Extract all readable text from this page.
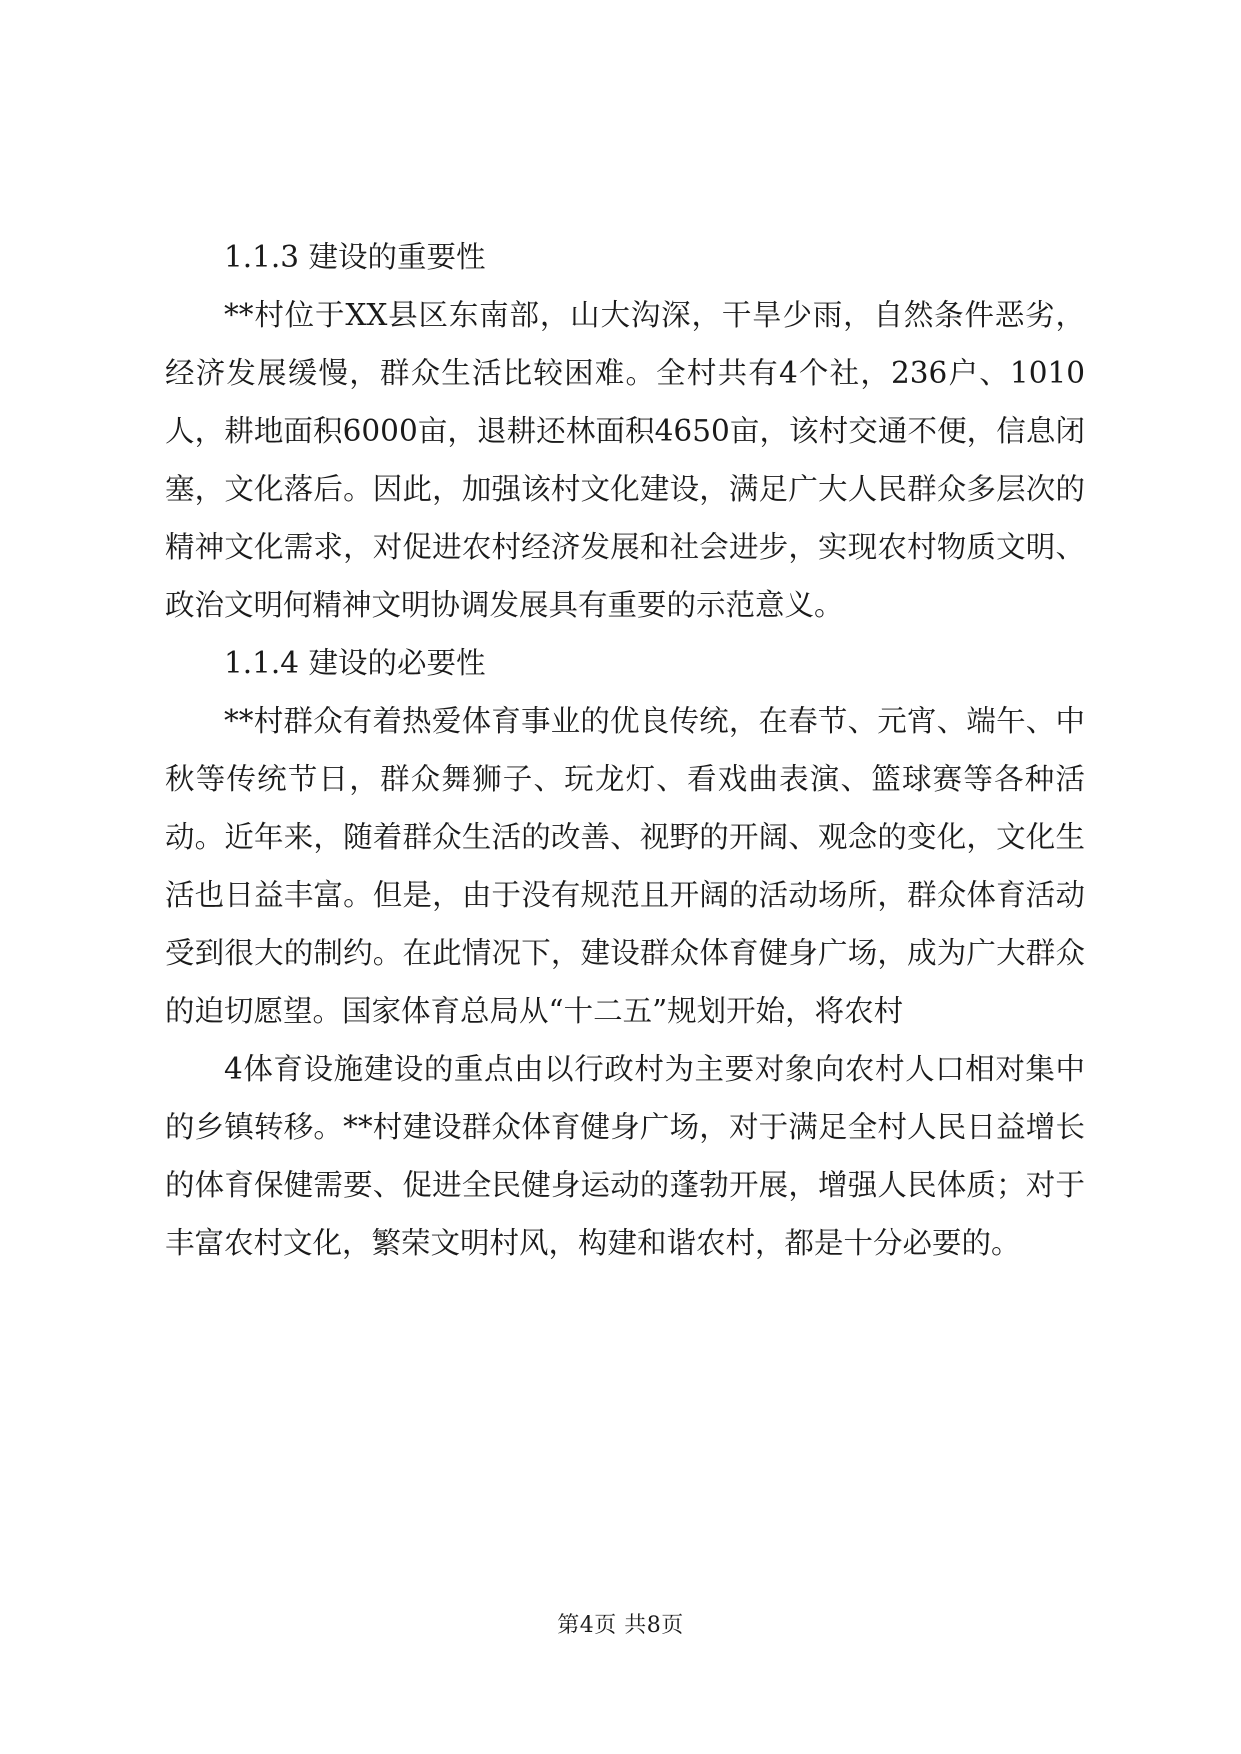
1.1.3 建设的重要性

**村位于XX县区东南部，山大沟深，干旱少雨，自然条件恶劣，经济发展缓慢，群众生活比较困难。全村共有4个社，236户、1010人，耕地面积6000亩，退耕还林面积4650亩，该村交通不便，信息闭塞，文化落后。因此，加强该村文化建设，满足广大人民群众多层次的精神文化需求，对促进农村经济发展和社会进步，实现农村物质文明、政治文明何精神文明协调发展具有重要的示范意义。

1.1.4 建设的必要性

**村群众有着热爱体育事业的优良传统，在春节、元宵、端午、中秋等传统节日，群众舞狮子、玩龙灯、看戏曲表演、篮球赛等各种活动。近年来，随着群众生活的改善、视野的开阔、观念的变化，文化生活也日益丰富。但是，由于没有规范且开阔的活动场所，群众体育活动受到很大的制约。在此情况下，建设群众体育健身广场，成为广大群众的迫切愿望。国家体育总局从“十二五”规划开始，将农村

4体育设施建设的重点由以行政村为主要对象向农村人口相对集中的乡镇转移。**村建设群众体育健身广场，对于满足全村人民日益增长的体育保健需要、促进全民健身运动的蓬勃开展，增强人民体质；对于丰富农村文化，繁荣文明村风，构建和谐农村，都是十分必要的。

第4页 共8页
